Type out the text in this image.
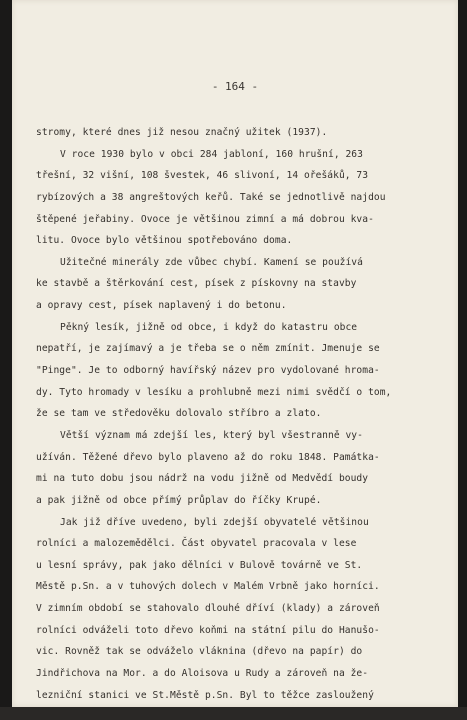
- 164 -

stromy, které dnes již nesou značný užitek (1937).
V roce 1930 bylo v obci 284 jabloní, 160 hrušní, 263
třešní, 32 višní, 108 švestek, 46 slivoní, 14 ořešáků, 73
rybízových a 38 angreštových keřů. Také se jednotlivě najdou
štěpené jeřabiny. Ovoce je většinou zimní a má dobrou kva-
litu. Ovoce bylo většinou spotřebováno doma.
Užitečné minerály zde vůbec chybí. Kamení se používá
ke stavbě a štěrkování cest, písek z pískovny na stavby
a opravy cest, písek naplavený i do betonu.
Pěkný lesík, jižně od obce, i když do katastru obce
nepatří, je zajímavý a je třeba se o něm zmínit. Jmenuje se
"Pinge". Je to odborný havířský název pro vydolované hroma-
dy. Tyto hromady v lesíku a prohlubně mezi nimi svědčí o tom,
že se tam ve středověku dolovalo stříbro a zlato.
Větší význam má zdejší les, který byl všestranně vy-
užíván. Těžené dřevo bylo plaveno až do roku 1848. Památka-
mi na tuto dobu jsou nádrž na vodu jižně od Medvědí boudy
a pak jižně od obce přímý průplav do říčky Krupé.
Jak již dříve uvedeno, byli zdejší obyvatelé většinou
rolníci a malozemědělci. Část obyvatel pracovala v lese
u lesní správy, pak jako dělníci v Bulově továrně ve St.
Městě p.Sn. a v tuhových dolech v Malém Vrbně jako horníci.
V zimním období se stahovalo dlouhé dříví (klady) a zároveň
rolníci odváželi toto dřevo koňmi na státní pilu do Hanušo-
vic. Rovněž tak se odváželo vláknina (dřevo na papír) do
Jindřichova na Mor. a do Aloisova u Rudy a zároveň na že-
lezniční stanici ve St.Městě p.Sn. Byl to těžce zasloužený
